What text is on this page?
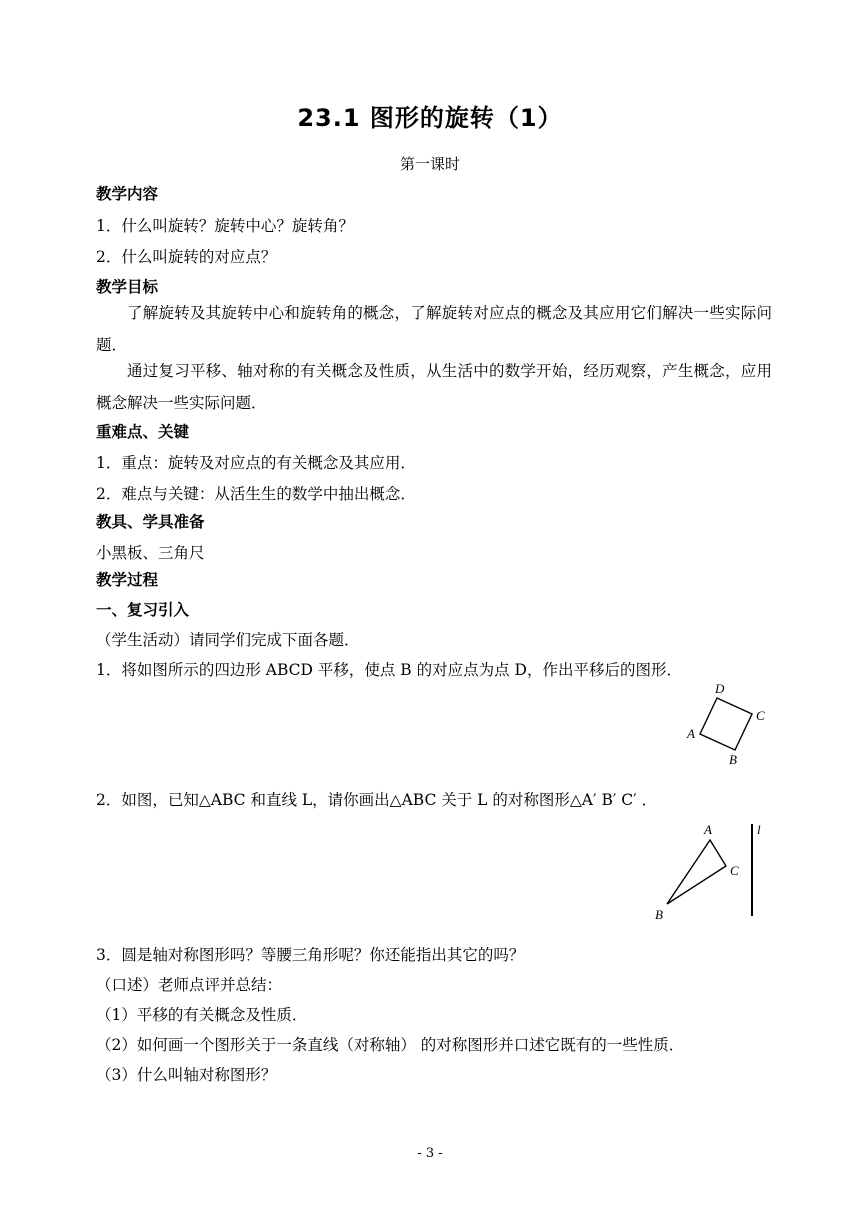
23.1 图形的旋转（1）
第一课时
教学内容
1．什么叫旋转？旋转中心？旋转角？
2．什么叫旋转的对应点？
教学目标
了解旋转及其旋转中心和旋转角的概念，了解旋转对应点的概念及其应用它们解决一些实际问题．
通过复习平移、轴对称的有关概念及性质，从生活中的数学开始，经历观察，产生概念，应用概念解决一些实际问题．
重难点、关键
1．重点：旋转及对应点的有关概念及其应用．
2．难点与关键：从活生生的数学中抽出概念．
教具、学具准备
小黑板、三角尺
教学过程
一、复习引入
（学生活动）请同学们完成下面各题．
1．将如图所示的四边形 ABCD 平移，使点 B 的对应点为点 D，作出平移后的图形．
D
C
B
A
2．如图，已知△ABC 和直线 L，请你画出△ABC 关于 L 的对称图形△A′ B′ C′ ．
A
C
B
l
3．圆是轴对称图形吗？等腰三角形呢？你还能指出其它的吗？
（口述）老师点评并总结：
（1）平移的有关概念及性质．
（2）如何画一个图形关于一条直线（对称轴） 的对称图形并口述它既有的一些性质．
（3）什么叫轴对称图形？
- 3 -
